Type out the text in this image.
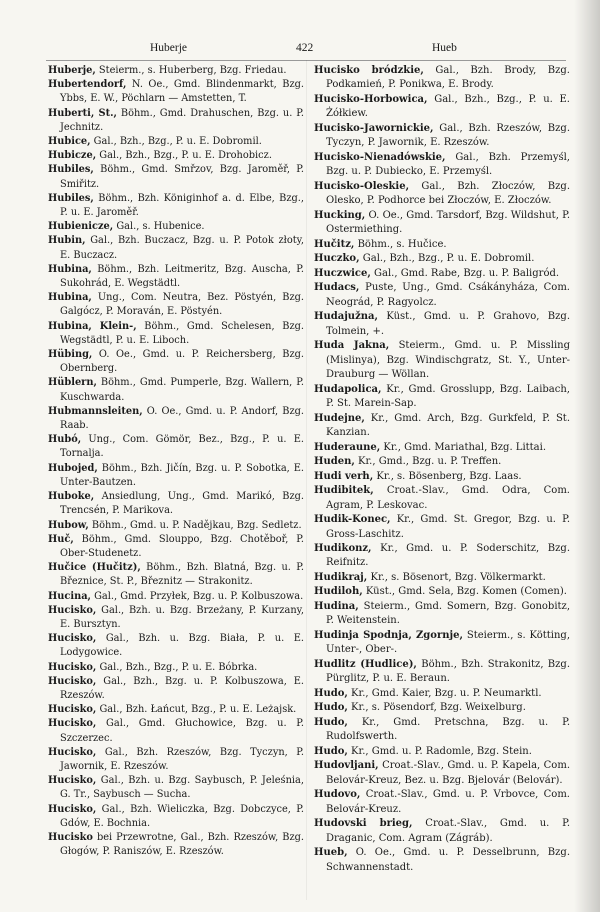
Huberje	422	Hueb

Huberje, Steierm., s. Huberberg, Bzg. Friedau.

Hubertendorf, N. Oe., Gmd. Blindenmarkt, Bzg. Ybbs, E. W., Pöchlarn — Amstetten, T.

Huberti, St., Böhm., Gmd. Drahuschen, Bzg. u. P. Jechnitz.

Hubice, Gal., Bzh., Bzg., P. u. E. Dobromil.

Hubicze, Gal., Bzh., Bzg., P. u. E. Drohobicz.

Hubiles, Böhm., Gmd. Smřzov, Bzg. Jaroměř, P. Smiřitz.

Hubiles, Böhm., Bzh. Königinhof a. d. Elbe, Bzg., P. u. E. Jaroměř.

Hubienicze, Gal., s. Hubenice.

Hubin, Gal., Bzh. Buczacz, Bzg. u. P. Potok złoty, E. Buczacz.

Hubina, Böhm., Bzh. Leitmeritz, Bzg. Auscha, P. Sukohrád, E. Wegstädtl.

Hubina, Ung., Com. Neutra, Bez. Pöstyén, Bzg. Galgócz, P. Moraván, E. Pöstyén.

Hubina, Klein-, Böhm., Gmd. Schelesen, Bzg. Wegstädtl, P. u. E. Liboch.

Hübing, O. Oe., Gmd. u. P. Reichersberg, Bzg. Obernberg.

Hüblern, Böhm., Gmd. Pumperle, Bzg. Wallern, P. Kuschwarda.

Hubmannsleiten, O. Oe., Gmd. u. P. Andorf, Bzg. Raab.

Hubó, Ung., Com. Gömör, Bez., Bzg., P. u. E. Tornalja.

Hubojed, Böhm., Bzh. Jičín, Bzg. u. P. Sobotka, E. Unter-Bautzen.

Huboke, Ansiedlung, Ung., Gmd. Marikó, Bzg. Trencsén, P. Marikova.

Hubow, Böhm., Gmd. u. P. Nadějkau, Bzg. Sedletz.

Huč, Böhm., Gmd. Slouppo, Bzg. Chotěboř, P. Ober-Studenetz.

Hučice (Hučitz), Böhm., Bzh. Blatná, Bzg. u. P. Březnice, St. P., Březnitz — Strakonitz.

Hucina, Gal., Gmd. Przyłek, Bzg. u. P. Kolbuszowa.

Hucisko, Gal., Bzh. u. Bzg. Brzeżany, P. Kurzany, E. Bursztyn.

Hucisko, Gal., Bzh. u. Bzg. Biała, P. u. E. Lodygowice.

Hucisko, Gal., Bzh., Bzg., P. u. E. Bóbrka.

Hucisko, Gal., Bzh., Bzg. u. P. Kolbuszowa, E. Rzeszów.

Hucisko, Gal., Bzh. Łańcut, Bzg., P. u. E. Leżajsk.

Hucisko, Gal., Gmd. Głuchowice, Bzg. u. P. Szczerzec.

Hucisko, Gal., Bzh. Rzeszów, Bzg. Tyczyn, P. Jawornik, E. Rzeszów.

Hucisko, Gal., Bzh. u. Bzg. Saybusch, P. Jeleśnia, G. Tr., Saybusch — Sucha.

Hucisko, Gal., Bzh. Wieliczka, Bzg. Dobczyce, P. Gdów, E. Bochnia.

Hucisko bei Przewrotne, Gal., Bzh. Rzeszów, Bzg. Głogów, P. Raniszów, E. Rzeszów.

Hucisko bródzkie, Gal., Bzh. Brody, Bzg. Podkamień, P. Ponikwa, E. Brody.

Hucisko-Horbowica, Gal., Bzh., Bzg., P. u. E. Żółkiew.

Hucisko-Jawornickie, Gal., Bzh. Rzeszów, Bzg. Tyczyn, P. Jawornik, E. Rzeszów.

Hucisko-Nienadówskie, Gal., Bzh. Przemyśl, Bzg. u. P. Dubiecko, E. Przemyśl.

Hucisko-Oleskie, Gal., Bzh. Złoczów, Bzg. Olesko, P. Podhorce bei Złoczów, E. Złoczów.

Hucking, O. Oe., Gmd. Tarsdorf, Bzg. Wildshut, P. Ostermiething.

Hučitz, Böhm., s. Hučice.

Huczko, Gal., Bzh., Bzg., P. u. E. Dobromil.

Huczwice, Gal., Gmd. Rabe, Bzg. u. P. Baligród.

Hudacs, Puste, Ung., Gmd. Csákányháza, Com. Neográd, P. Ragyolcz.

Hudajužna, Küst., Gmd. u. P. Grahovo, Bzg. Tolmein, +.

Huda Jakna, Steierm., Gmd. u. P. Missling (Mislinya), Bzg. Windischgratz, St. Y., Unter-Drauburg — Wöllan.

Hudapolica, Kr., Gmd. Grosslupp, Bzg. Laibach, P. St. Marein-Sap.

Hudejne, Kr., Gmd. Arch, Bzg. Gurkfeld, P. St. Kanzian.

Huderaune, Kr., Gmd. Mariathal, Bzg. Littai.

Huden, Kr., Gmd., Bzg. u. P. Treffen.

Hudi verh, Kr., s. Bösenberg, Bzg. Laas.

Hudibitek, Croat.-Slav., Gmd. Odra, Com. Agram, P. Leskovac.

Hudik-Konec, Kr., Gmd. St. Gregor, Bzg. u. P. Gross-Laschitz.

Hudikonz, Kr., Gmd. u. P. Soderschitz, Bzg. Reifnitz.

Hudikraj, Kr., s. Bösenort, Bzg. Völkermarkt.

Hudiloh, Küst., Gmd. Sela, Bzg. Komen (Comen).

Hudina, Steierm., Gmd. Somern, Bzg. Gonobitz, P. Weitenstein.

Hudinja Spodnja, Zgornje, Steierm., s. Kötting, Unter-, Ober-.

Hudlitz (Hudlice), Böhm., Bzh. Strakonitz, Bzg. Pürglitz, P. u. E. Beraun.

Hudo, Kr., Gmd. Kaier, Bzg. u. P. Neumarktl.

Hudo, Kr., s. Pösendorf, Bzg. Weixelburg.

Hudo, Kr., Gmd. Pretschna, Bzg. u. P. Rudolfswerth.

Hudo, Kr., Gmd. u. P. Radomle, Bzg. Stein.

Hudovljani, Croat.-Slav., Gmd. u. P. Kapela, Com. Belovár-Kreuz, Bez. u. Bzg. Bjelovár (Belovár).

Hudovo, Croat.-Slav., Gmd. u. P. Vrbovce, Com. Belovár-Kreuz.

Hudovski brieg, Croat.-Slav., Gmd. u. P. Draganic, Com. Agram (Zágráb).

Hueb, O. Oe., Gmd. u. P. Desselbrunn, Bzg. Schwannenstadt.
